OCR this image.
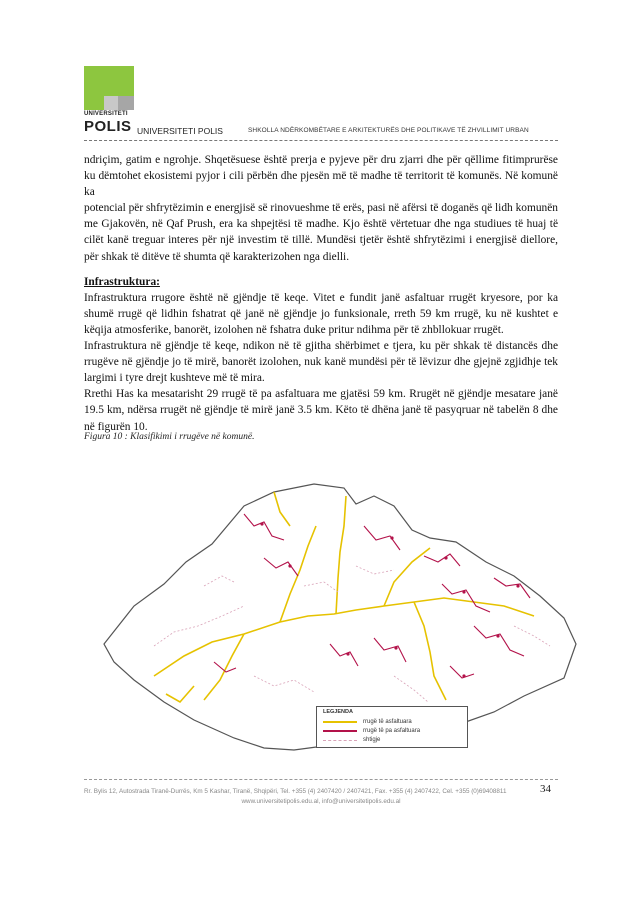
UNIVERSITETI
POLIS UNIVERSITETI POLIS	SHKOLLA NDËRKOMBËTARE E ARKITEKTURËS DHE POLITIKAVE TË ZHVILLIMIT URBAN

ndriçim, gatim e ngrohje. Shqetësuese është prerja e pyjeve për dru zjarri dhe për qëllime fitimprurëse ku dëmtohet ekosistemi pyjor i cili përbën dhe pjesën më të madhe të territorit të komunës. Në komunë ka

potencial për shfrytëzimin e energjisë së rinovueshme të erës, pasi në afërsi të doganës që lidh komunën me Gjakovën, në Qaf Prush, era ka shpejtësi të madhe. Kjo është vërtetuar dhe nga studiues të huaj të cilët kanë treguar interes për një investim të tillë. Mundësi tjetër është shfrytëzimi i energjisë diellore, për shkak të ditëve të shumta që karakterizohen nga dielli.

Infrastruktura:

Infrastruktura rrugore është në gjëndje të keqe. Vitet e fundit janë asfaltuar rrugët kryesore, por ka shumë rrugë që lidhin fshatrat që janë në gjëndje jo funksionale, rreth 59 km rrugë, ku në kushtet e këqija atmosferike, banorët, izolohen në fshatra duke pritur ndihma për të zhbllokuar rrugët.

Infrastruktura në gjëndje të keqe, ndikon në të gjitha shërbimet e tjera, ku për shkak të distancës dhe rrugëve në gjëndje jo të mirë, banorët izolohen, nuk kanë mundësi për të lëvizur dhe gjejnë zgjidhje tek largimi i tyre drejt kushteve më të mira.

Rrethi Has ka mesatarisht 29 rrugë të pa asfaltuara me gjatësi 59 km. Rrugët në gjëndje mesatare janë 19.5 km, ndërsa rrugët në gjëndje të mirë janë 3.5 km. Këto të dhëna janë të pasyqruar në tabelën 8 dhe në figurën 10.

Figura 10 : Klasifikimi i rrugëve në komunë.
LEGJENDA
rrugë të asfaltuara
rrugë të pa asfaltuara
shtigje
Rr. Bylis 12, Autostrada Tiranë-Durrës, Km 5 Kashar, Tiranë, Shqipëri, Tel. +355 (4) 2407420 / 2407421, Fax. +355 (4) 2407422, Cel. +355 (0)69408811
www.universitetipolis.edu.al, info@universitetipolis.edu.al
34
